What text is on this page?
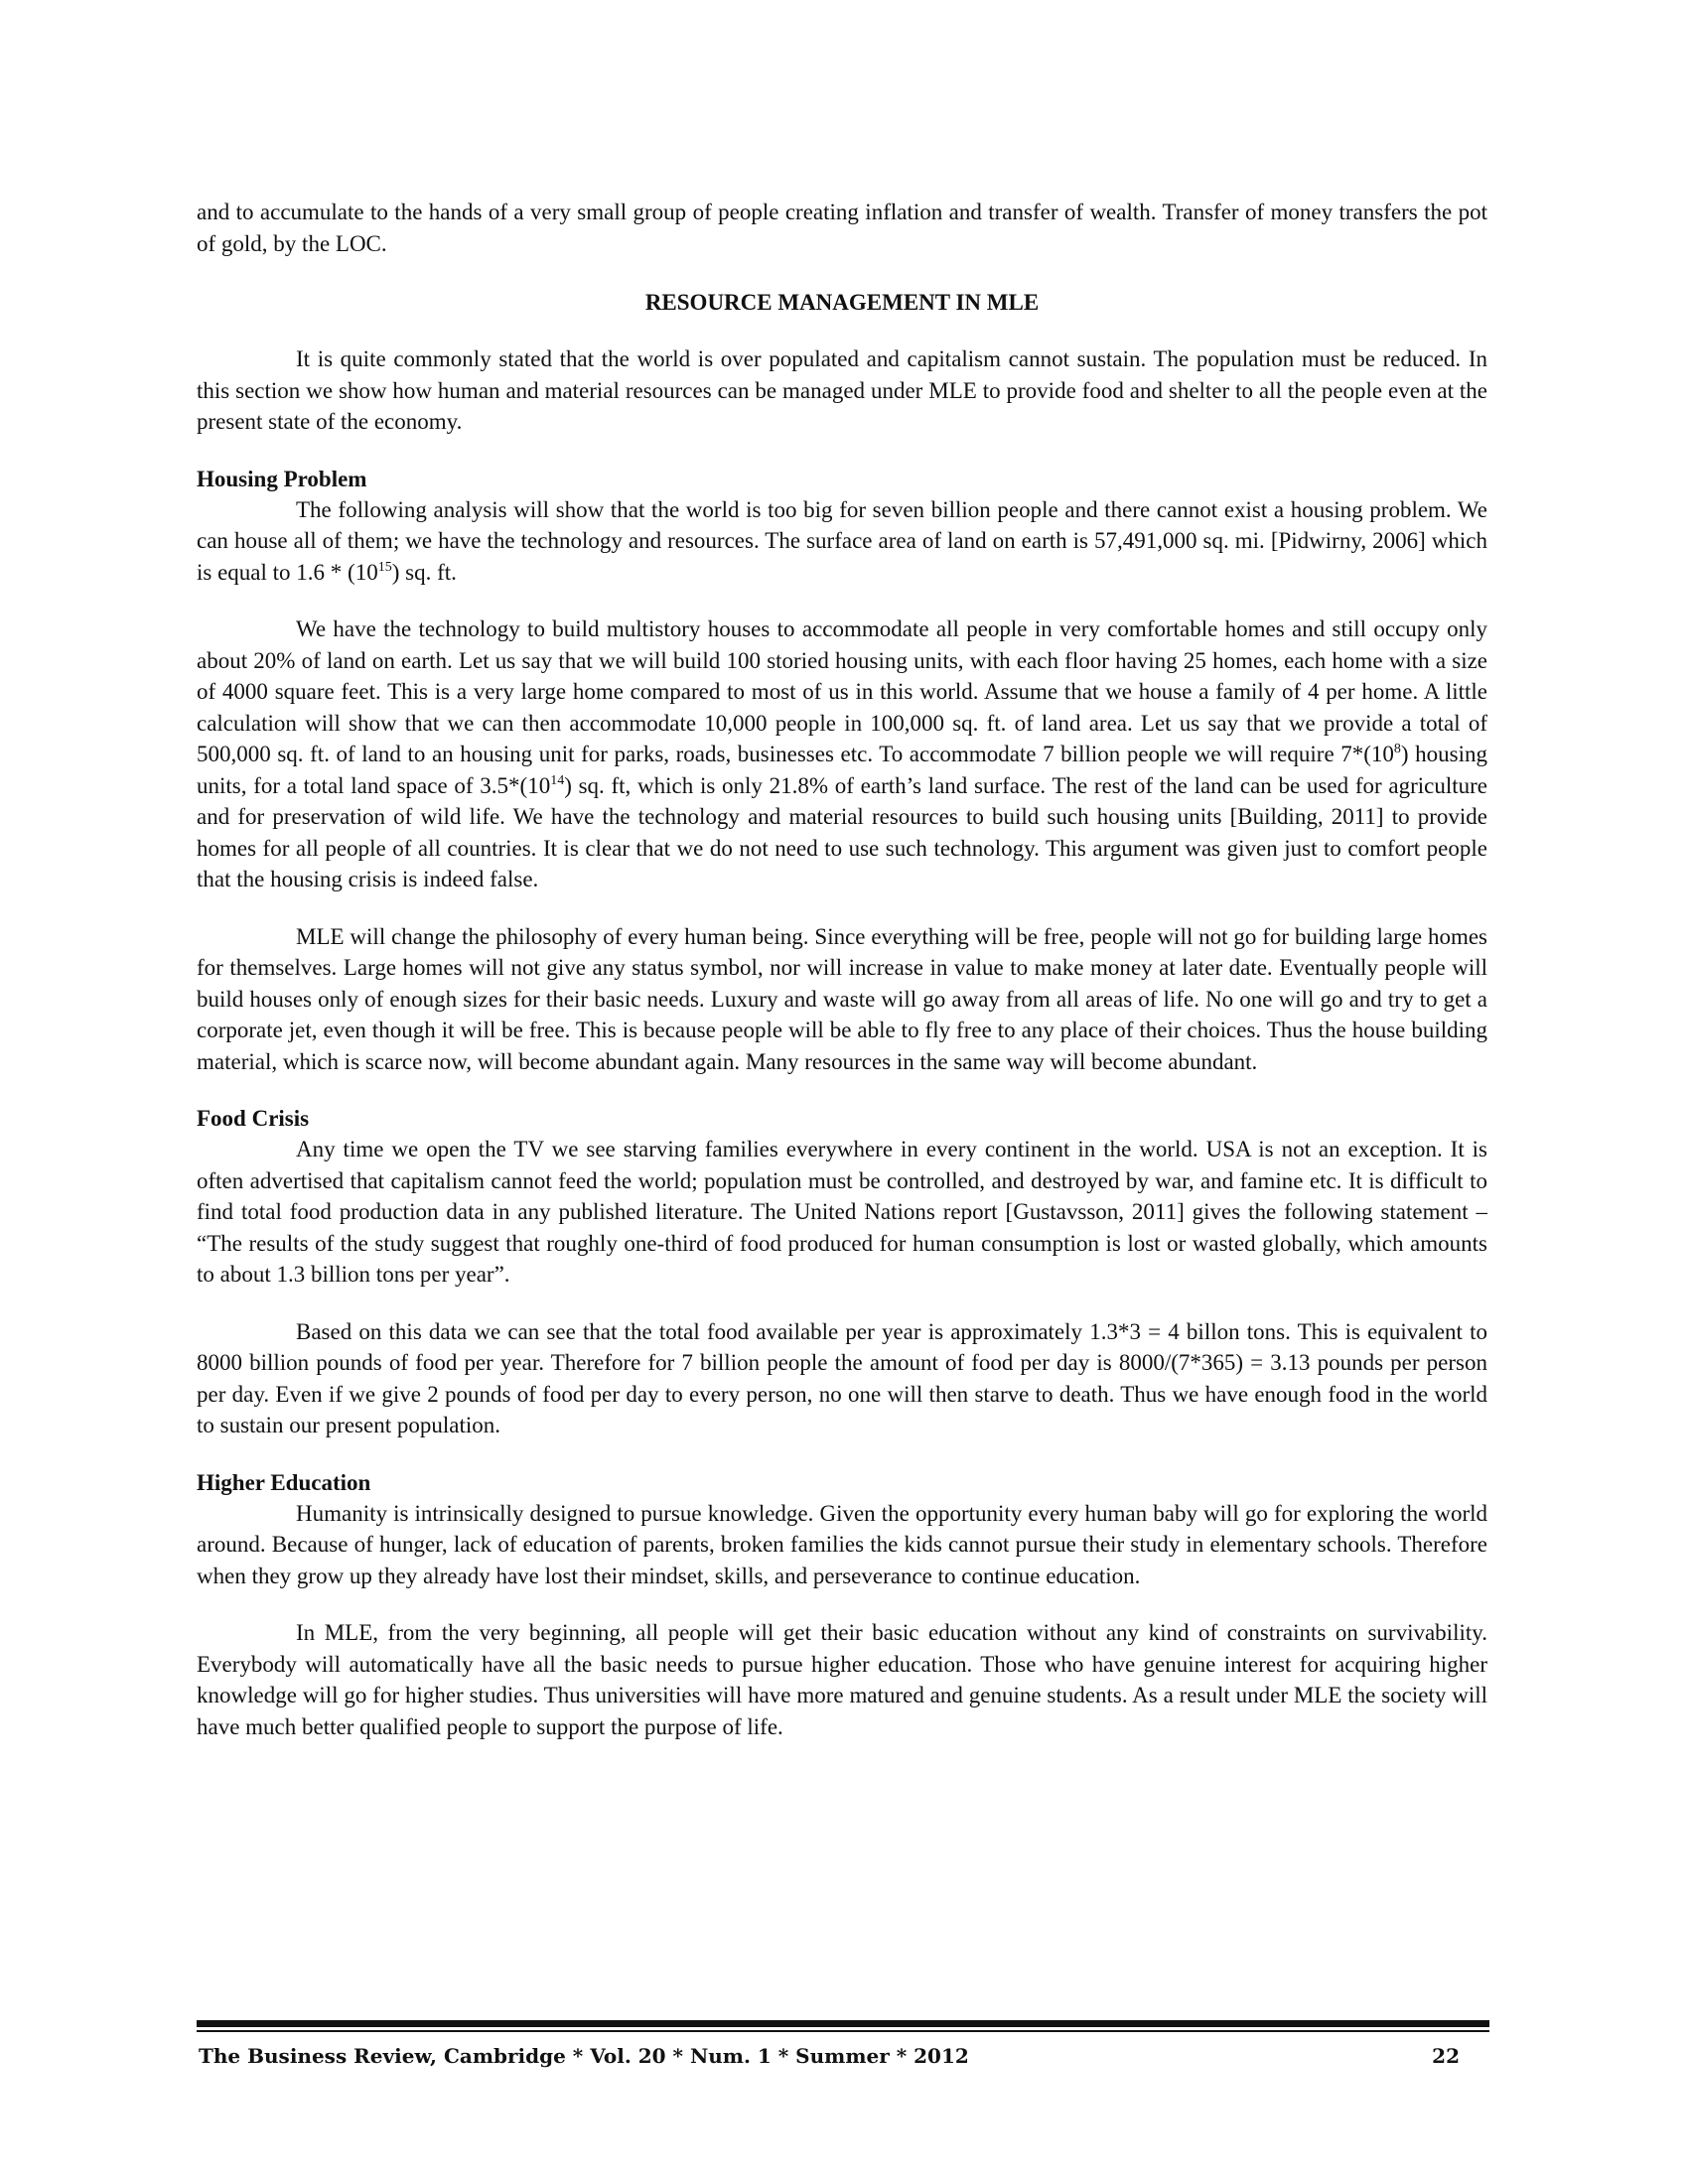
and to accumulate to the hands of a very small group of people creating inflation and transfer of wealth. Transfer of money transfers the pot of gold, by the LOC.

RESOURCE MANAGEMENT IN MLE

It is quite commonly stated that the world is over populated and capitalism cannot sustain. The population must be reduced. In this section we show how human and material resources can be managed under MLE to provide food and shelter to all the people even at the present state of the economy.

Housing Problem

The following analysis will show that the world is too big for seven billion people and there cannot exist a housing problem. We can house all of them; we have the technology and resources. The surface area of land on earth is 57,491,000 sq. mi. [Pidwirny, 2006] which is equal to $1.6 * (10^{15})$ sq. ft.

We have the technology to build multistory houses to accommodate all people in very comfortable homes and still occupy only about 20% of land on earth. Let us say that we will build 100 storied housing units, with each floor having 25 homes, each home with a size of 4000 square feet. This is a very large home compared to most of us in this world. Assume that we house a family of 4 per home. A little calculation will show that we can then accommodate 10,000 people in 100,000 sq. ft. of land area. Let us say that we provide a total of 500,000 sq. ft. of land to an housing unit for parks, roads, businesses etc. To accommodate 7 billion people we will require $7*(10^8)$ housing units, for a total land space of $3.5*(10^{14})$ sq. ft, which is only 21.8% of earth’s land surface. The rest of the land can be used for agriculture and for preservation of wild life. We have the technology and material resources to build such housing units [Building, 2011] to provide homes for all people of all countries. It is clear that we do not need to use such technology. This argument was given just to comfort people that the housing crisis is indeed false.

MLE will change the philosophy of every human being. Since everything will be free, people will not go for building large homes for themselves. Large homes will not give any status symbol, nor will increase in value to make money at later date. Eventually people will build houses only of enough sizes for their basic needs. Luxury and waste will go away from all areas of life. No one will go and try to get a corporate jet, even though it will be free. This is because people will be able to fly free to any place of their choices. Thus the house building material, which is scarce now, will become abundant again. Many resources in the same way will become abundant.

Food Crisis

Any time we open the TV we see starving families everywhere in every continent in the world. USA is not an exception. It is often advertised that capitalism cannot feed the world; population must be controlled, and destroyed by war, and famine etc. It is difficult to find total food production data in any published literature. The United Nations report [Gustavsson, 2011] gives the following statement – “The results of the study suggest that roughly one-third of food produced for human consumption is lost or wasted globally, which amounts to about 1.3 billion tons per year”.

Based on this data we can see that the total food available per year is approximately 1.3*3 = 4 billon tons. This is equivalent to 8000 billion pounds of food per year. Therefore for 7 billion people the amount of food per day is 8000/(7*365) = 3.13 pounds per person per day. Even if we give 2 pounds of food per day to every person, no one will then starve to death. Thus we have enough food in the world to sustain our present population.

Higher Education

Humanity is intrinsically designed to pursue knowledge. Given the opportunity every human baby will go for exploring the world around. Because of hunger, lack of education of parents, broken families the kids cannot pursue their study in elementary schools. Therefore when they grow up they already have lost their mindset, skills, and perseverance to continue education.

In MLE, from the very beginning, all people will get their basic education without any kind of constraints on survivability. Everybody will automatically have all the basic needs to pursue higher education. Those who have genuine interest for acquiring higher knowledge will go for higher studies. Thus universities will have more matured and genuine students. As a result under MLE the society will have much better qualified people to support the purpose of life.

The Business Review, Cambridge * Vol. 20 * Num. 1 * Summer * 2012	22
